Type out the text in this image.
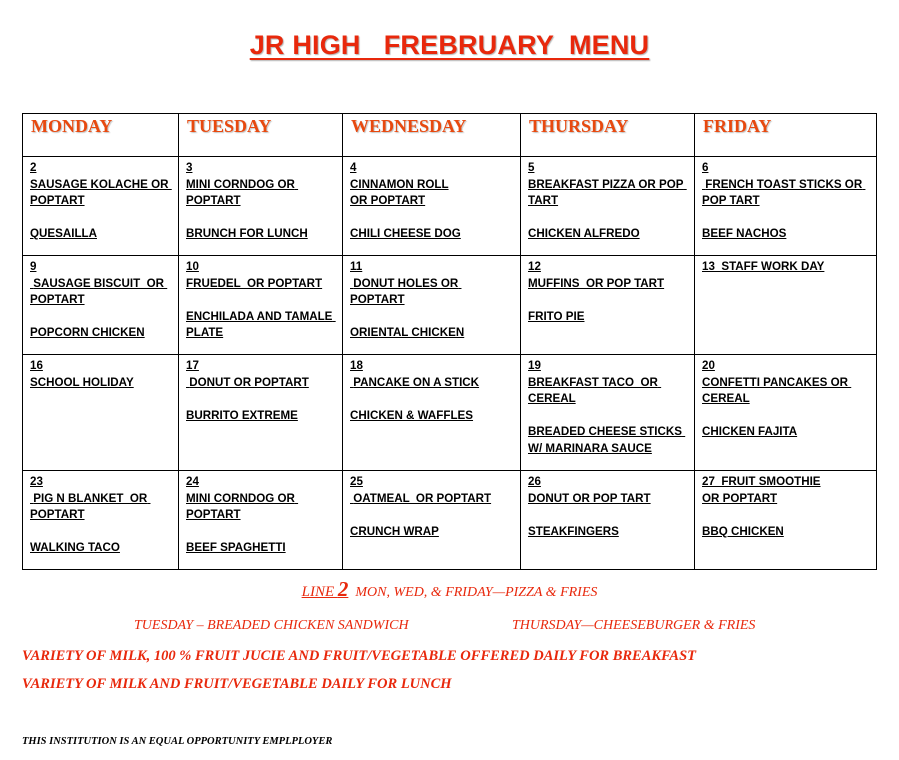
JR HIGH   FREBRUARY  MENU
MONDAY	TUESDAY	WEDNESDAY	THURSDAY	FRIDAY

2
SAUSAGE KOLACHE OR POPTART
QUESAILLA	3
MINI CORNDOG OR POPTART
BRUNCH FOR LUNCH	4
CINNAMON ROLL
OR POPTART
CHILI CHEESE DOG	5
BREAKFAST PIZZA OR POP TART
CHICKEN ALFREDO	6
FRENCH TOAST STICKS OR POP TART
BEEF NACHOS

9
SAUSAGE BISCUIT  OR POPTART
POPCORN CHICKEN	10
FRUEDEL  OR POPTART
ENCHILADA AND TAMALE PLATE	11
DONUT HOLES OR POPTART
ORIENTAL CHICKEN	12
MUFFINS  OR POP TART
FRITO PIE	13  STAFF WORK DAY

16
SCHOOL HOLIDAY	17
DONUT OR POPTART
BURRITO EXTREME	18
PANCAKE ON A STICK
CHICKEN & WAFFLES	19
BREAKFAST TACO  OR CEREAL
BREADED CHEESE STICKS W/ MARINARA SAUCE	20
CONFETTI PANCAKES OR CEREAL
CHICKEN FAJITA

23
PIG N BLANKET  OR POPTART
WALKING TACO	24
MINI CORNDOG OR POPTART
BEEF SPAGHETTI	25
OATMEAL  OR POPTART
CRUNCH WRAP	26
DONUT OR POP TART
STEAKFINGERS	27  FRUIT SMOOTHIE
OR POPTART
BBQ CHICKEN
LINE 2  MON, WED, & FRIDAY—PIZZA & FRIES
TUESDAY – BREADED CHICKEN SANDWICH	THURSDAY—CHEESEBURGER & FRIES
VARIETY OF MILK, 100 % FRUIT JUCIE AND FRUIT/VEGETABLE OFFERED DAILY FOR BREAKFAST
VARIETY OF MILK AND FRUIT/VEGETABLE DAILY FOR LUNCH
THIS INSTITUTION IS AN EQUAL OPPORTUNITY EMPLPLOYER
